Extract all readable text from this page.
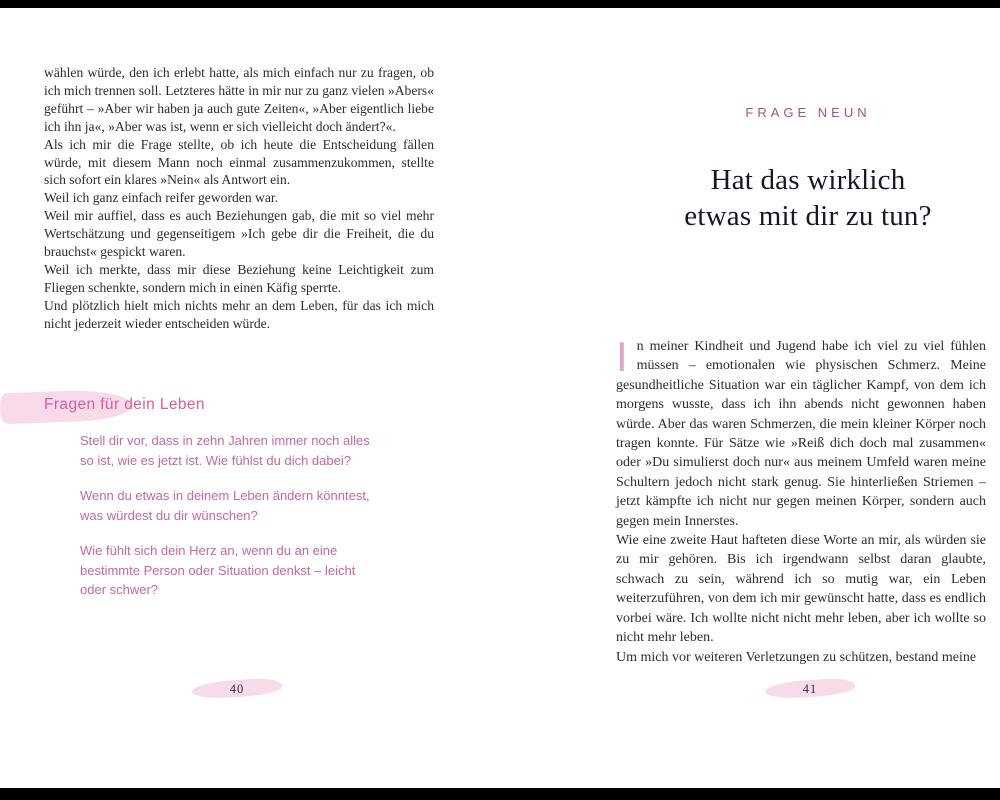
wählen würde, den ich erlebt hatte, als mich einfach nur zu fragen, ob ich mich trennen soll. Letzteres hätte in mir nur zu ganz vielen »Abers« geführt – »Aber wir haben ja auch gute Zeiten«, »Aber eigentlich liebe ich ihn ja«, »Aber was ist, wenn er sich vielleicht doch ändert?«.

Als ich mir die Frage stellte, ob ich heute die Entscheidung fällen würde, mit diesem Mann noch einmal zusammenzukommen, stellte sich sofort ein klares »Nein« als Antwort ein.

Weil ich ganz einfach reifer geworden war.

Weil mir auffiel, dass es auch Beziehungen gab, die mit so viel mehr Wertschätzung und gegenseitigem »Ich gebe dir die Freiheit, die du brauchst« gespickt waren.

Weil ich merkte, dass mir diese Beziehung keine Leichtigkeit zum Fliegen schenkte, sondern mich in einen Käfig sperrte.

Und plötzlich hielt mich nichts mehr an dem Leben, für das ich mich nicht jederzeit wieder entscheiden würde.

Fragen für dein Leben

Stell dir vor, dass in zehn Jahren immer noch alles so ist, wie es jetzt ist. Wie fühlst du dich dabei?

Wenn du etwas in deinem Leben ändern könntest, was würdest du dir wünschen?

Wie fühlt sich dein Herz an, wenn du an eine bestimmte Person oder Situation denkst – leicht oder schwer?

40
FRAGE NEUN
Hat das wirklich
etwas mit dir zu tun?

In meiner Kindheit und Jugend habe ich viel zu viel fühlen müssen – emotionalen wie physischen Schmerz. Meine gesundheitliche Situation war ein täglicher Kampf, von dem ich morgens wusste, dass ich ihn abends nicht gewonnen haben würde. Aber das waren Schmerzen, die mein kleiner Körper noch tragen konnte. Für Sätze wie »Reiß dich doch mal zusammen« oder »Du simulierst doch nur« aus meinem Umfeld waren meine Schultern jedoch nicht stark genug. Sie hinterließen Striemen – jetzt kämpfte ich nicht nur gegen meinen Körper, sondern auch gegen mein Innerstes.

Wie eine zweite Haut hafteten diese Worte an mir, als würden sie zu mir gehören. Bis ich irgendwann selbst daran glaubte, schwach zu sein, während ich so mutig war, ein Leben weiterzuführen, von dem ich mir gewünscht hatte, dass es endlich vorbei wäre. Ich wollte nicht nicht mehr leben, aber ich wollte so nicht mehr leben.

Um mich vor weiteren Verletzungen zu schützen, bestand meine

41
